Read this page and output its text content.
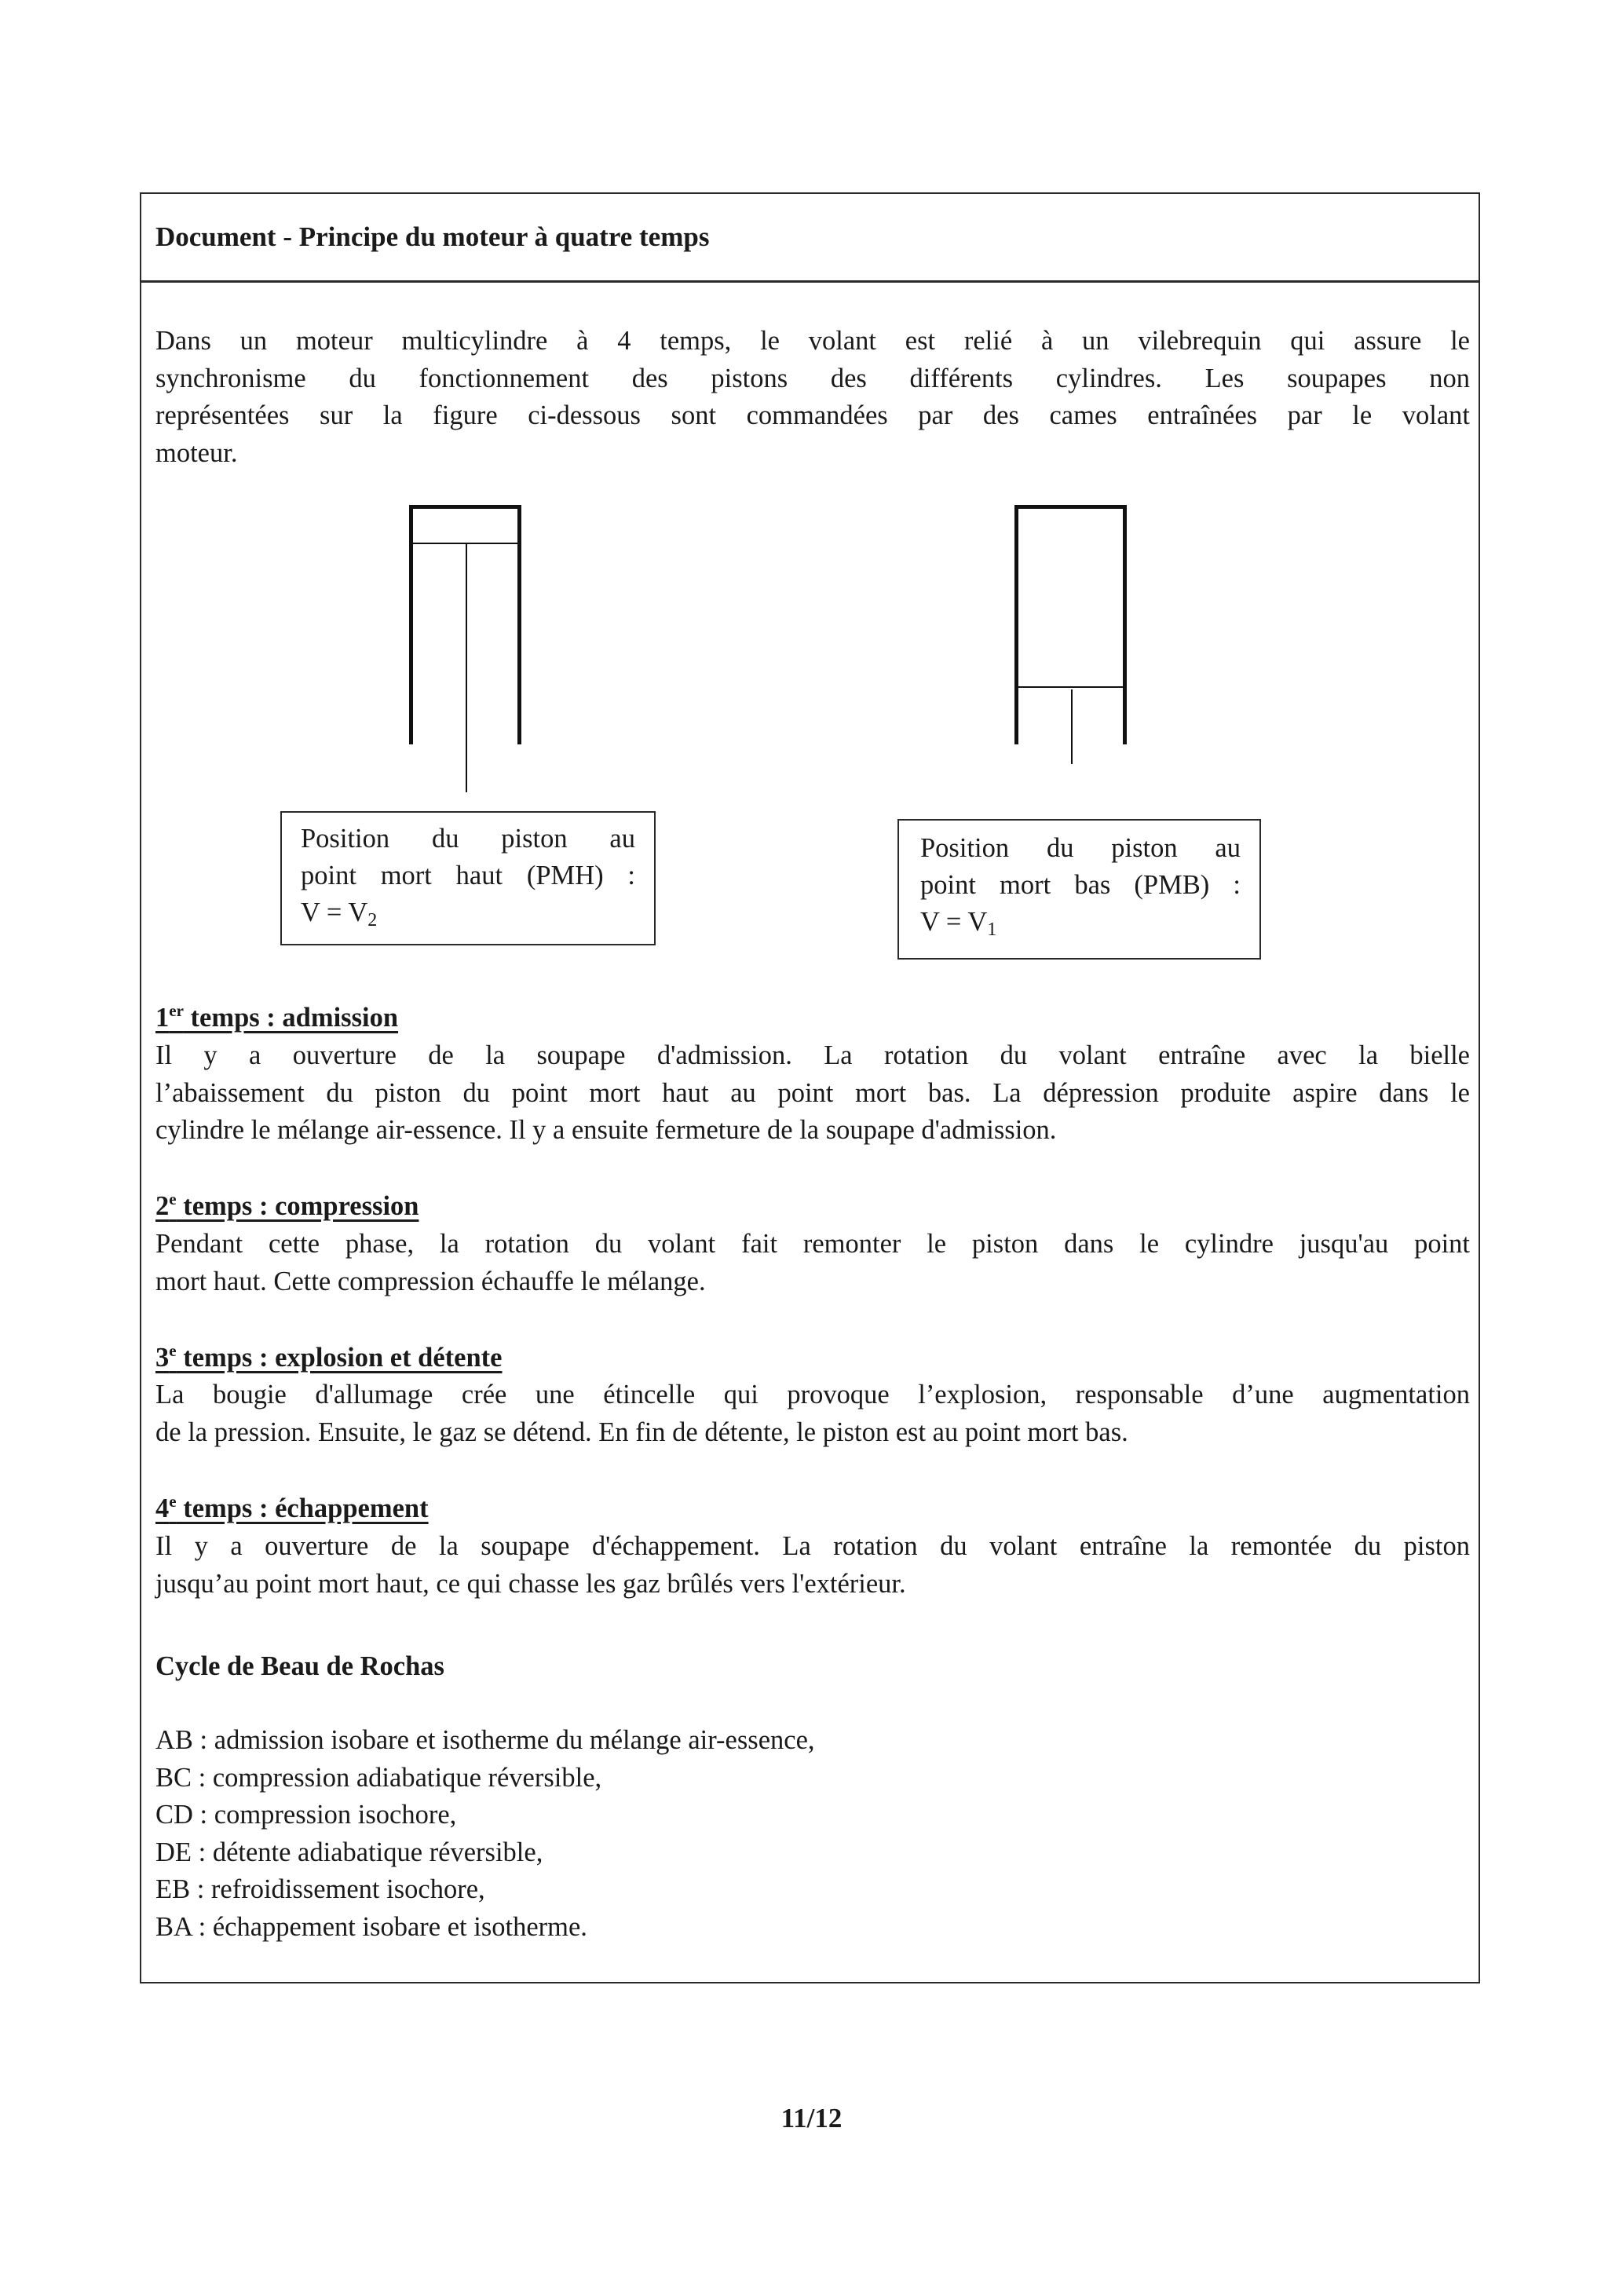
Document - Principe du moteur à quatre temps
Dans un moteur multicylindre à 4 temps, le volant est relié à un vilebrequin qui assure le
synchronisme du fonctionnement des pistons des différents cylindres. Les soupapes non
représentées sur la figure ci-dessous sont commandées par des cames entraînées par le volant
moteur.
Position du piston au
point mort haut (PMH) :
$V = V_2$
Position du piston au
point mort bas (PMB) :
$V = V_1$
1er temps : admission
Il y a ouverture de la soupape d'admission. La rotation du volant entraîne avec la bielle
l’abaissement du piston du point mort haut au point mort bas. La dépression produite aspire dans le
cylindre le mélange air-essence. Il y a ensuite fermeture de la soupape d'admission.
2e temps : compression
Pendant cette phase, la rotation du volant fait remonter le piston dans le cylindre jusqu'au point
mort haut. Cette compression échauffe le mélange.
3e temps : explosion et détente
La bougie d'allumage crée une étincelle qui provoque l’explosion, responsable d’une augmentation
de la pression. Ensuite, le gaz se détend. En fin de détente, le piston est au point mort bas.
4e temps : échappement
Il y a ouverture de la soupape d'échappement. La rotation du volant entraîne la remontée du piston
jusqu’au point mort haut, ce qui chasse les gaz brûlés vers l'extérieur.
Cycle de Beau de Rochas
AB : admission isobare et isotherme du mélange air-essence,
BC : compression adiabatique réversible,
CD : compression isochore,
DE : détente adiabatique réversible,
EB : refroidissement isochore,
BA : échappement isobare et isotherme.
11/12
